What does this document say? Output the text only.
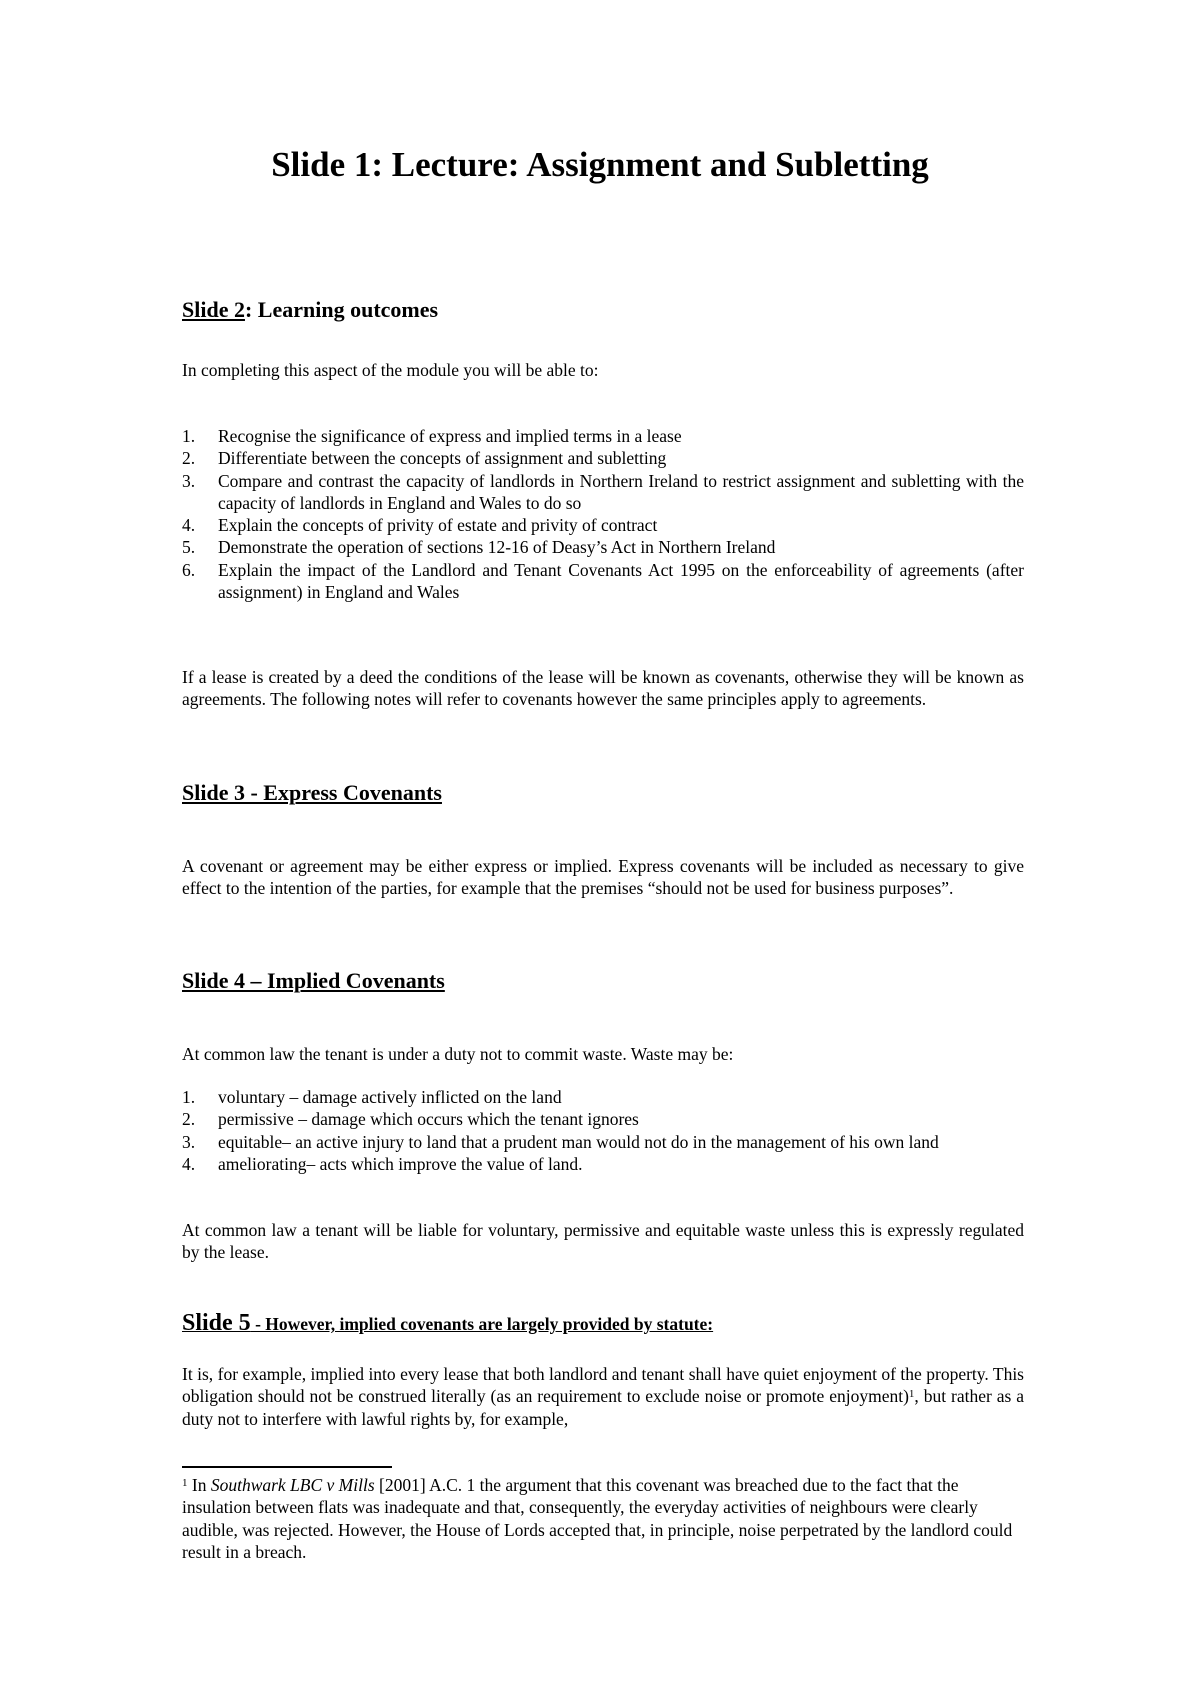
Slide 1: Lecture: Assignment and Subletting
Slide 2: Learning outcomes

In completing this aspect of the module you will be able to:

1. Recognise the significance of express and implied terms in a lease
2. Differentiate between the concepts of assignment and subletting
3. Compare and contrast the capacity of landlords in Northern Ireland to restrict assignment and subletting with the capacity of landlords in England and Wales to do so
4. Explain the concepts of privity of estate and privity of contract
5. Demonstrate the operation of sections 12-16 of Deasy’s Act in Northern Ireland
6. Explain the impact of the Landlord and Tenant Covenants Act 1995 on the enforceability of agreements (after assignment) in England and Wales

If a lease is created by a deed the conditions of the lease will be known as covenants, otherwise they will be known as agreements. The following notes will refer to covenants however the same principles apply to agreements.

Slide 3 - Express Covenants

A covenant or agreement may be either express or implied. Express covenants will be included as necessary to give effect to the intention of the parties, for example that the premises “should not be used for business purposes”.

Slide 4 – Implied Covenants

At common law the tenant is under a duty not to commit waste. Waste may be:

1. voluntary – damage actively inflicted on the land
2. permissive – damage which occurs which the tenant ignores
3. equitable– an active injury to land that a prudent man would not do in the management of his own land
4. ameliorating– acts which improve the value of land.

At common law a tenant will be liable for voluntary, permissive and equitable waste unless this is expressly regulated by the lease.

Slide 5 - However, implied covenants are largely provided by statute:

It is, for example, implied into every lease that both landlord and tenant shall have quiet enjoyment of the property. This obligation should not be construed literally (as an requirement to exclude noise or promote enjoyment)$^1$, but rather as a duty not to interfere with lawful rights by, for example,

$^1$ In Southwark LBC v Mills [2001] A.C. 1 the argument that this covenant was breached due to the fact that the insulation between flats was inadequate and that, consequently, the everyday activities of neighbours were clearly audible, was rejected. However, the House of Lords accepted that, in principle, noise perpetrated by the landlord could result in a breach.
